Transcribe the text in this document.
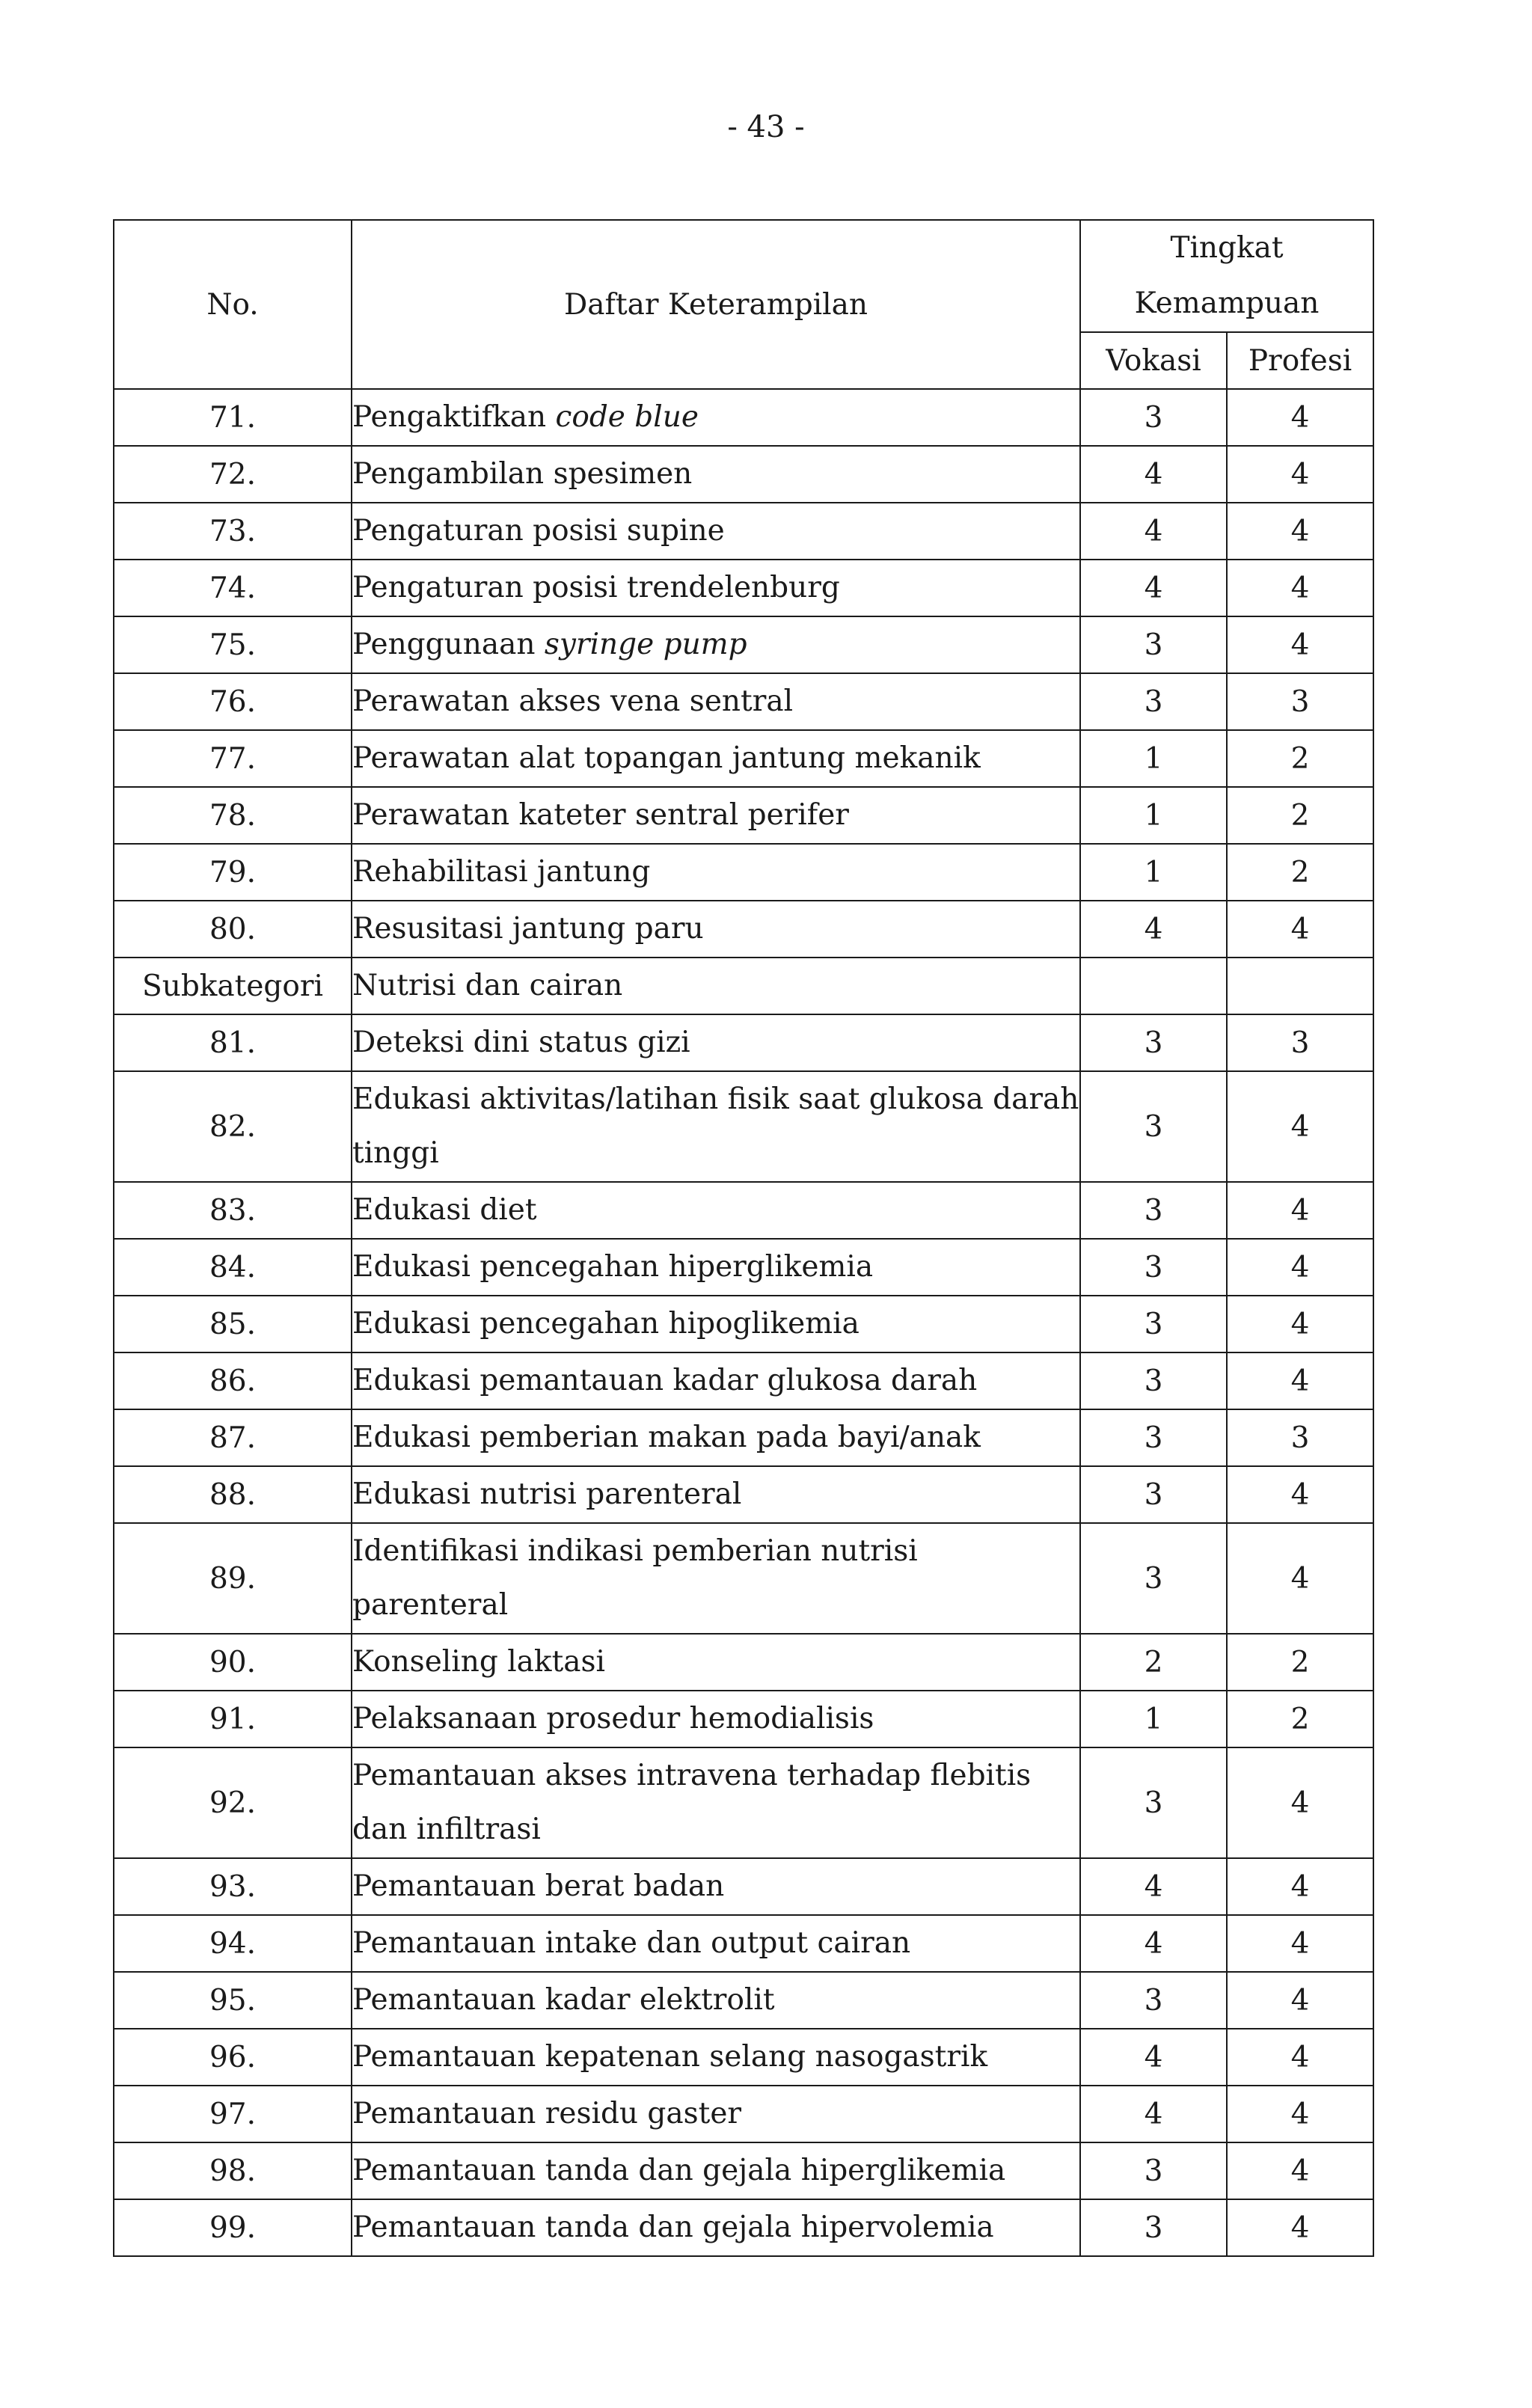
- 43 -
No.	Daftar Keterampilan	Tingkat Kemampuan	
		Vokasi	Profesi
71.	Pengaktifkan code blue	3	4
72.	Pengambilan spesimen	4	4
73.	Pengaturan posisi supine	4	4
74.	Pengaturan posisi trendelenburg	4	4
75.	Penggunaan syringe pump	3	4
76.	Perawatan akses vena sentral	3	3
77.	Perawatan alat topangan jantung mekanik	1	2
78.	Perawatan kateter sentral perifer	1	2
79.	Rehabilitasi jantung	1	2
80.	Resusitasi jantung paru	4	4
Subkategori	Nutrisi dan cairan		
81.	Deteksi dini status gizi	3	3
82.	Edukasi aktivitas/latihan fisik saat glukosa darah tinggi	3	4
83.	Edukasi diet	3	4
84.	Edukasi pencegahan hiperglikemia	3	4
85.	Edukasi pencegahan hipoglikemia	3	4
86.	Edukasi pemantauan kadar glukosa darah	3	4
87.	Edukasi pemberian makan pada bayi/anak	3	3
88.	Edukasi nutrisi parenteral	3	4
89.	Identifikasi indikasi pemberian nutrisi parenteral	3	4
90.	Konseling laktasi	2	2
91.	Pelaksanaan prosedur hemodialisis	1	2
92.	Pemantauan akses intravena terhadap flebitis dan infiltrasi	3	4
93.	Pemantauan berat badan	4	4
94.	Pemantauan intake dan output cairan	4	4
95.	Pemantauan kadar elektrolit	3	4
96.	Pemantauan kepatenan selang nasogastrik	4	4
97.	Pemantauan residu gaster	4	4
98.	Pemantauan tanda dan gejala hiperglikemia	3	4
99.	Pemantauan tanda dan gejala hipervolemia	3	4
